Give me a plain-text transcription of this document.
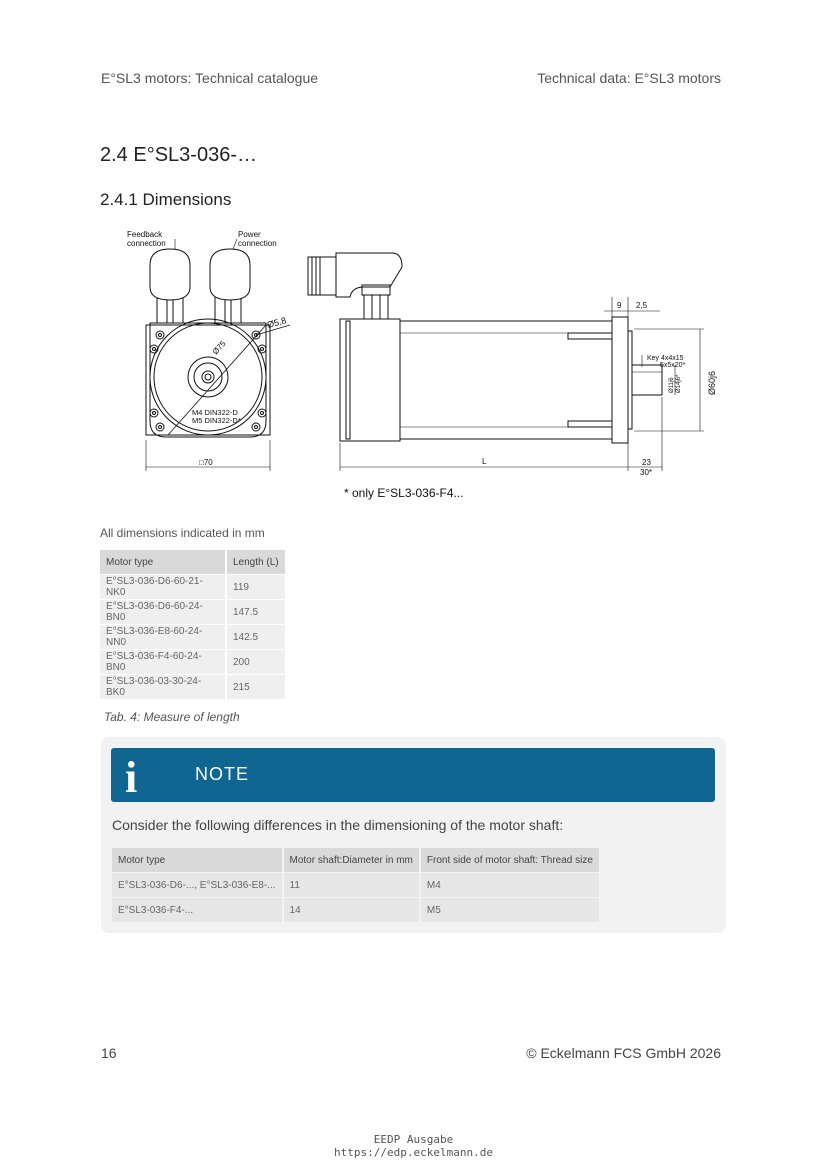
E°SL3 motors: Technical catalogue	Technical data: E°SL3 motors
2.4 E°SL3-036-…
2.4.1 Dimensions
Feedback
connection
Power
connection
Ø5,8
Ø75
M4 DIN322-D
M5 DIN322-D*
□70
9 2,5
Key 4x4x15
5x5x20*
Ø11j6 Ø14j6*	Ø60j6
L	23
30*
* only E°SL3-036-F4...
All dimensions indicated in mm
Motor type	Length (L)
E°SL3-036-D6-60-21-NK0	119
E°SL3-036-D6-60-24-BN0	147.5
E°SL3-036-E8-60-24-NN0	142.5
E°SL3-036-F4-60-24-BN0	200
E°SL3-036-03-30-24-BK0	215
Tab. 4: Measure of length
i	NOTE
Consider the following differences in the dimensioning of the motor shaft:
Motor type	Motor shaft:Diameter in mm	Front side of motor shaft: Thread size
E°SL3-036-D6-..., E°SL3-036-E8-...	11	M4
E°SL3-036-F4-...	14	M5
16	© Eckelmann FCS GmbH 2026
EEDP Ausgabe
https://edp.eckelmann.de
